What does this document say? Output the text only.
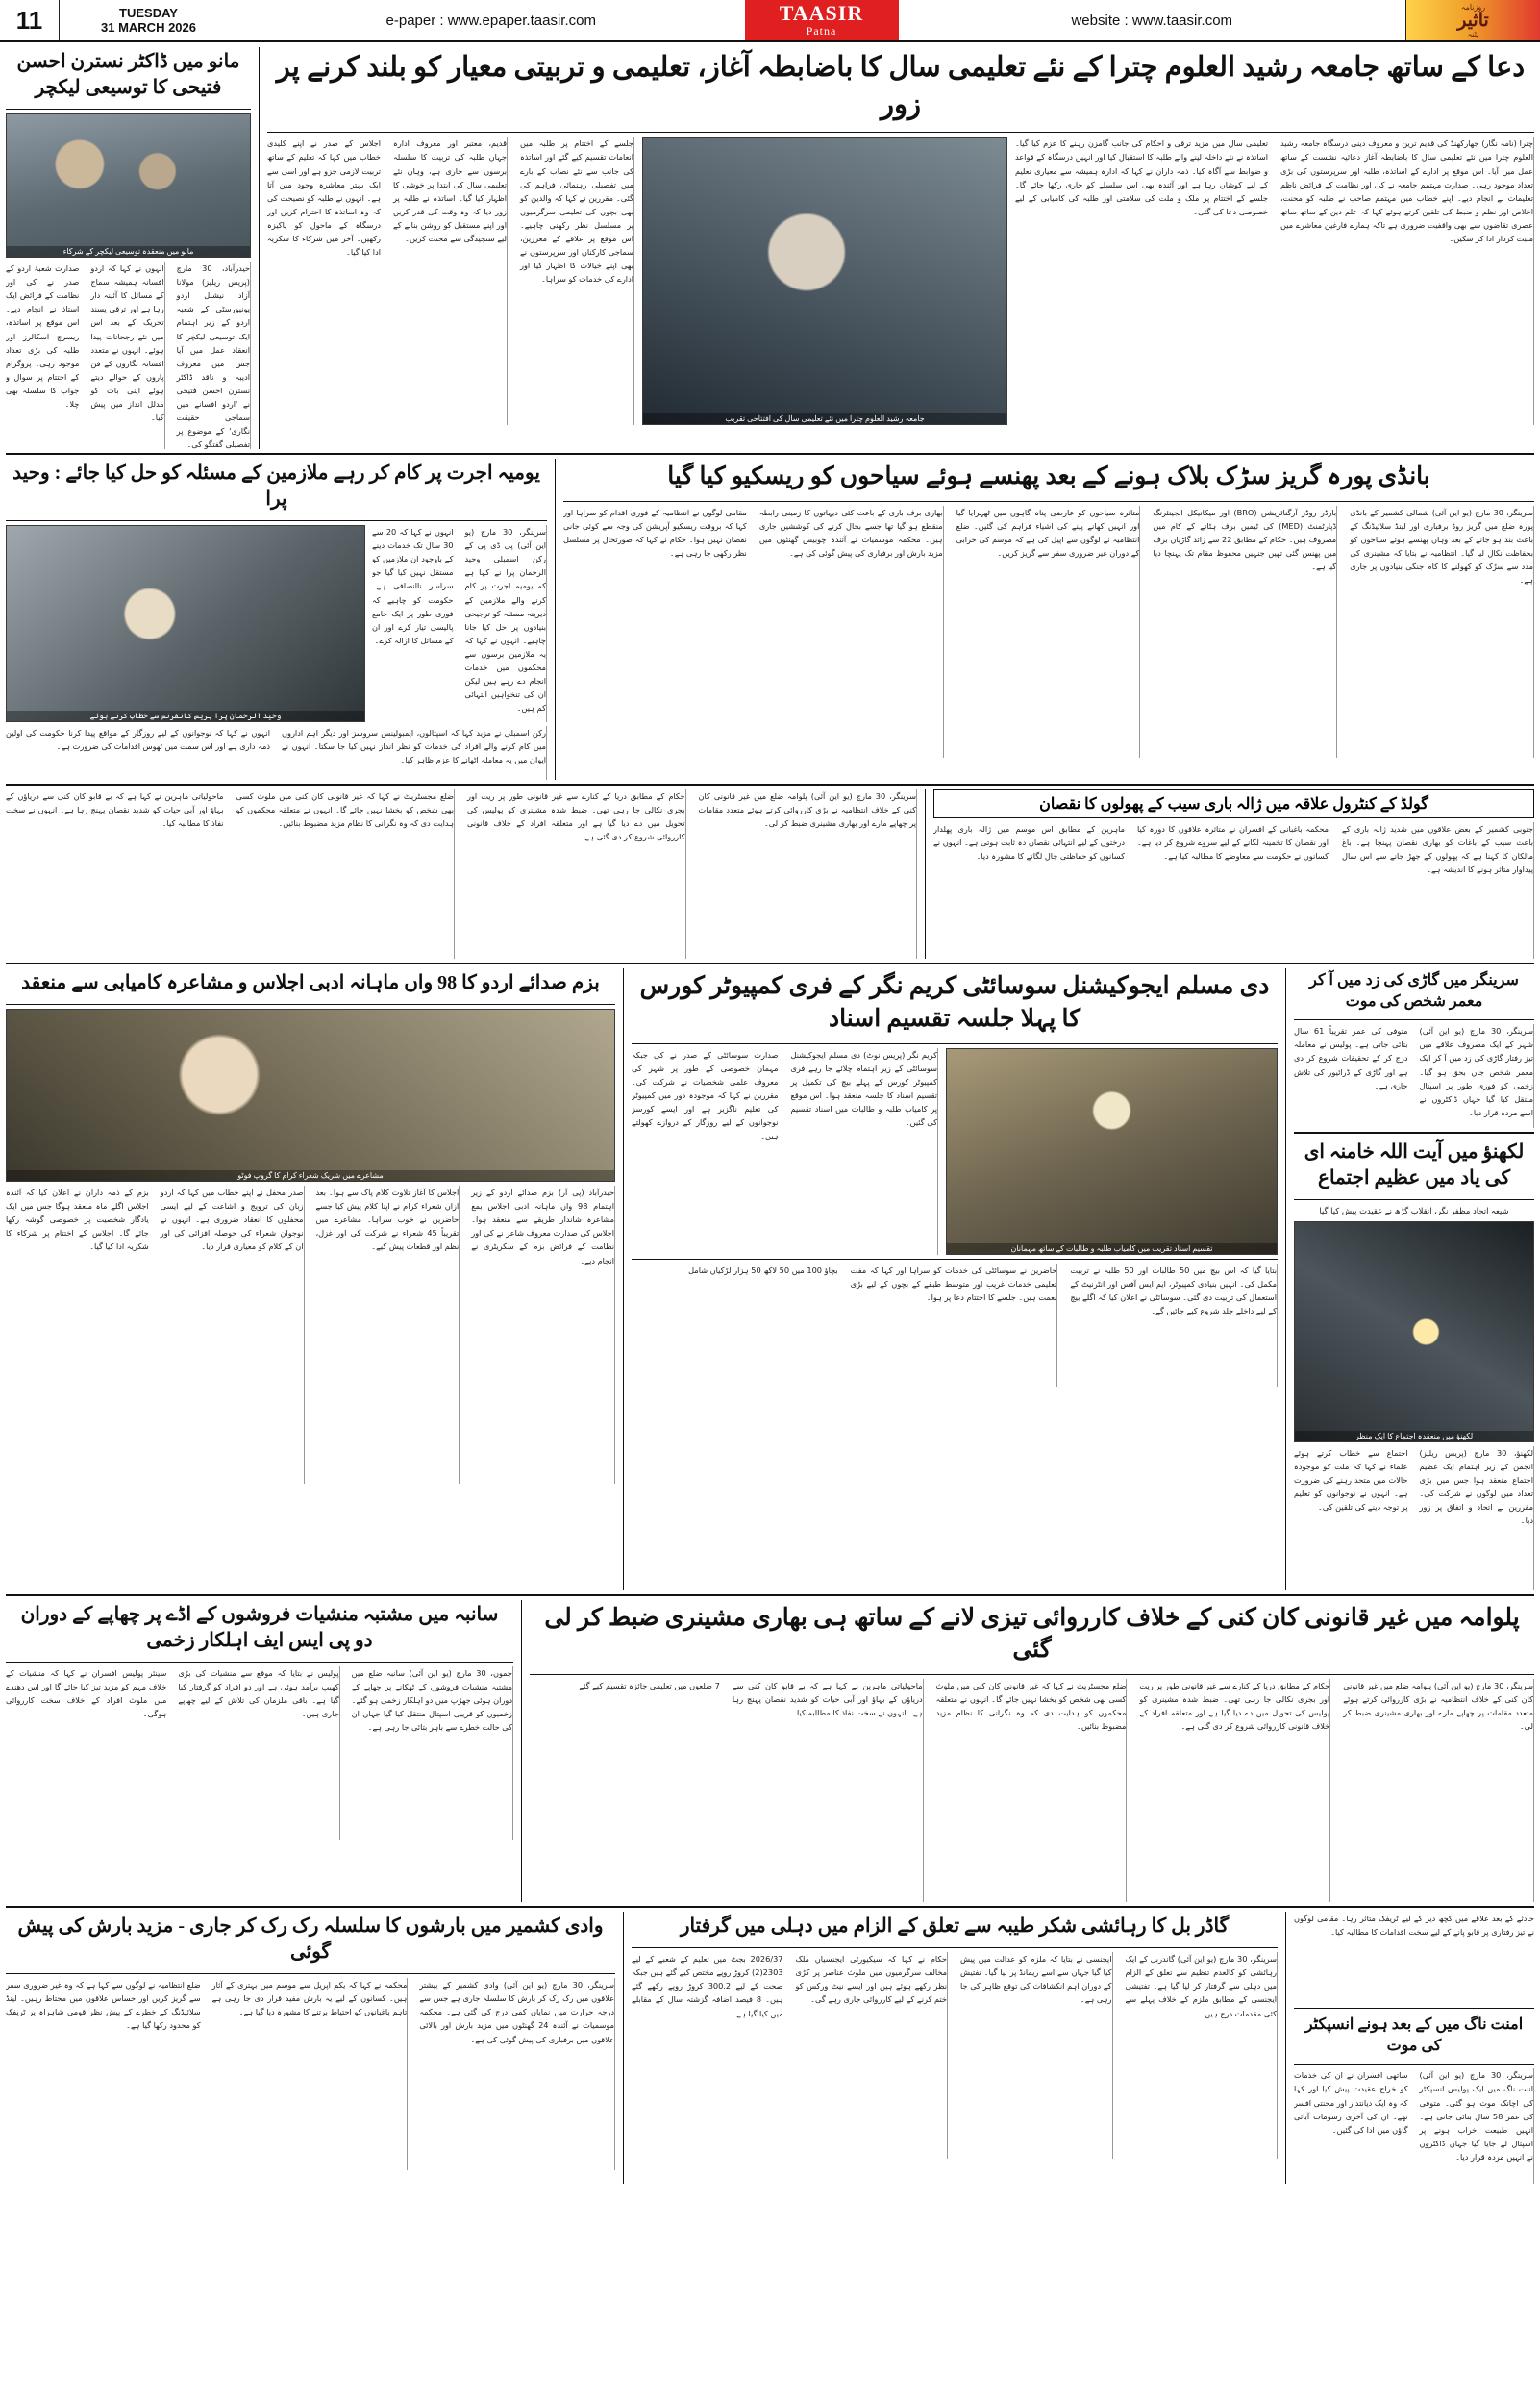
روزنامہ
تاثیر
پٹنہ
website : www.taasir.com
TAASIR
Patna
e-paper : www.epaper.taasir.com
TUESDAY
31 MARCH 2026
11
دعا کے ساتھ جامعہ رشید العلوم چترا کے نئے تعلیمی سال کا باضابطہ آغاز، تعلیمی و تربیتی معیار کو بلند کرنے پر زور
چترا (نامہ نگار) جھارکھنڈ کی قدیم ترین و معروف دینی درسگاہ جامعہ رشید العلوم چترا میں نئے تعلیمی سال کا باضابطہ آغاز دعائیہ نشست کے ساتھ عمل میں آیا۔ اس موقع پر ادارے کے اساتذہ، طلبہ اور سرپرستوں کی بڑی تعداد موجود رہی۔ صدارت مہتمم جامعہ نے کی اور نظامت کے فرائض ناظم تعلیمات نے انجام دیے۔ اپنے خطاب میں مہتمم صاحب نے طلبہ کو محنت، اخلاص اور نظم و ضبط کی تلقین کرتے ہوئے کہا کہ علم دین کے ساتھ ساتھ عصری تقاضوں سے بھی واقفیت ضروری ہے تاکہ ہمارے فارغین معاشرے میں مثبت کردار ادا کر سکیں۔
تعلیمی سال میں مزید ترقی و احکام کی جانب گامزن رہنے کا عزم کیا گیا۔ اساتذہ نے نئے داخلہ لینے والے طلبہ کا استقبال کیا اور انہیں درسگاہ کے قواعد و ضوابط سے آگاہ کیا۔ ذمہ داران نے کہا کہ ادارہ ہمیشہ سے معیاری تعلیم کے لیے کوشاں رہا ہے اور آئندہ بھی اس سلسلے کو جاری رکھا جائے گا۔ جلسے کے اختتام پر ملک و ملت کی سلامتی اور طلبہ کی کامیابی کے لیے خصوصی دعا کی گئی۔
جامعہ رشید العلوم چترا میں نئے تعلیمی سال کی افتتاحی تقریب
جلسے کے اختتام پر طلبہ میں انعامات تقسیم کیے گئے اور اساتذہ کی جانب سے نئے نصاب کے بارے میں تفصیلی رہنمائی فراہم کی گئی۔ مقررین نے کہا کہ والدین کو بھی بچوں کی تعلیمی سرگرمیوں پر مسلسل نظر رکھنی چاہیے۔ اس موقع پر علاقے کے معززین، سماجی کارکنان اور سرپرستوں نے بھی اپنے خیالات کا اظہار کیا اور ادارے کی خدمات کو سراہا۔
قدیم، معتبر اور معروف ادارہ جہاں طلبہ کی تربیت کا سلسلہ برسوں سے جاری ہے، وہاں نئے تعلیمی سال کی ابتدا پر خوشی کا اظہار کیا گیا۔ اساتذہ نے طلبہ پر زور دیا کہ وہ وقت کی قدر کریں اور اپنے مستقبل کو روشن بنانے کے لیے سنجیدگی سے محنت کریں۔
اجلاس کے صدر نے اپنے کلیدی خطاب میں کہا کہ تعلیم کے ساتھ تربیت لازمی جزو ہے اور اسی سے ایک بہتر معاشرہ وجود میں آتا ہے۔ انہوں نے طلبہ کو نصیحت کی کہ وہ اساتذہ کا احترام کریں اور درسگاہ کے ماحول کو پاکیزہ رکھیں۔ آخر میں شرکاء کا شکریہ ادا کیا گیا۔
مانو میں ڈاکٹر نسترن احسن فتیحی کا توسیعی لیکچر
مانو میں منعقدہ توسیعی لیکچر کے شرکاء
حیدرآباد، 30 مارچ (پریس ریلیز) مولانا آزاد نیشنل اردو یونیورسٹی کے شعبہ اردو کے زیر اہتمام ایک توسیعی لیکچر کا انعقاد عمل میں آیا جس میں معروف ادیبہ و ناقد ڈاکٹر نسترن احسن فتیحی نے 'اردو افسانے میں سماجی حقیقت نگاری' کے موضوع پر تفصیلی گفتگو کی۔
انہوں نے کہا کہ اردو افسانہ ہمیشہ سماج کے مسائل کا آئینہ دار رہا ہے اور ترقی پسند تحریک کے بعد اس میں نئے رجحانات پیدا ہوئے۔ انہوں نے متعدد افسانہ نگاروں کے فن پاروں کے حوالے دیتے ہوئے اپنی بات کو مدلل انداز میں پیش کیا۔
صدارت شعبۂ اردو کے صدر نے کی اور نظامت کے فرائض ایک استاذ نے انجام دیے۔ اس موقع پر اساتذہ، ریسرچ اسکالرز اور طلبہ کی بڑی تعداد موجود رہی۔ پروگرام کے اختتام پر سوال و جواب کا سلسلہ بھی چلا۔
بانڈی پورہ گریز سڑک بلاک ہونے کے بعد پھنسے ہوئے سیاحوں کو ریسکیو کیا گیا
سرینگر، 30 مارچ (یو این آئی) شمالی کشمیر کے بانڈی پورہ ضلع میں گریز روڈ برفباری اور لینڈ سلائیڈنگ کے باعث بند ہو جانے کے بعد وہاں پھنسے ہوئے سیاحوں کو بحفاظت نکال لیا گیا۔ انتظامیہ نے بتایا کہ مشینری کی مدد سے سڑک کو کھولنے کا کام جنگی بنیادوں پر جاری ہے۔
بارڈر روڈز آرگنائزیشن (BRO) اور میکانیکل انجینئرنگ ڈپارٹمنٹ (MED) کی ٹیمیں برف ہٹانے کے کام میں مصروف ہیں۔ حکام کے مطابق 22 سے زائد گاڑیاں برف میں پھنس گئی تھیں جنہیں محفوظ مقام تک پہنچا دیا گیا ہے۔
متاثرہ سیاحوں کو عارضی پناہ گاہوں میں ٹھہرایا گیا اور انہیں کھانے پینے کی اشیاء فراہم کی گئیں۔ ضلع انتظامیہ نے لوگوں سے اپیل کی ہے کہ موسم کی خرابی کے دوران غیر ضروری سفر سے گریز کریں۔
بھاری برف باری کے باعث کئی دیہاتوں کا زمینی رابطہ منقطع ہو گیا تھا جسے بحال کرنے کی کوششیں جاری ہیں۔ محکمہ موسمیات نے آئندہ چوبیس گھنٹوں میں مزید بارش اور برفباری کی پیش گوئی کی ہے۔
مقامی لوگوں نے انتظامیہ کے فوری اقدام کو سراہا اور کہا کہ بروقت ریسکیو آپریشن کی وجہ سے کوئی جانی نقصان نہیں ہوا۔ حکام نے کہا کہ صورتحال پر مسلسل نظر رکھی جا رہی ہے۔
یومیہ اجرت پر کام کر رہے ملازمین کے مسئلہ کو حل کیا جائے : وحید پرا
سرینگر، 30 مارچ (یو این آئی) پی ڈی پی کے رکن اسمبلی وحید الرحمان پرا نے کہا ہے کہ یومیہ اجرت پر کام کرنے والے ملازمین کے دیرینہ مسئلہ کو ترجیحی بنیادوں پر حل کیا جانا چاہیے۔ انہوں نے کہا کہ یہ ملازمین برسوں سے محکموں میں خدمات انجام دے رہے ہیں لیکن ان کی تنخواہیں انتہائی کم ہیں۔
انہوں نے کہا کہ 20 سے 30 سال تک خدمات دینے کے باوجود ان ملازمین کو مستقل نہیں کیا گیا جو سراسر ناانصافی ہے۔ حکومت کو چاہیے کہ فوری طور پر ایک جامع پالیسی تیار کرے اور ان کے مسائل کا ازالہ کرے۔
وحید الرحمان پرا پریس کانفرنس سے خطاب کرتے ہوئے
رکن اسمبلی نے مزید کہا کہ اسپتالوں، ایمبولینس سروسز اور دیگر اہم اداروں میں کام کرنے والے افراد کی خدمات کو نظر انداز نہیں کیا جا سکتا۔ انہوں نے ایوان میں یہ معاملہ اٹھانے کا عزم ظاہر کیا۔
انہوں نے کہا کہ نوجوانوں کے لیے روزگار کے مواقع پیدا کرنا حکومت کی اولین ذمہ داری ہے اور اس سمت میں ٹھوس اقدامات کی ضرورت ہے۔
گولڈ کے کنٹرول علاقہ میں ژالہ باری سیب کے پھولوں کا نقصان
جنوبی کشمیر کے بعض علاقوں میں شدید ژالہ باری کے باعث سیب کے باغات کو بھاری نقصان پہنچا ہے۔ باغ مالکان کا کہنا ہے کہ پھولوں کے جھڑ جانے سے اس سال پیداوار متاثر ہونے کا اندیشہ ہے۔
محکمہ باغبانی کے افسران نے متاثرہ علاقوں کا دورہ کیا اور نقصان کا تخمینہ لگانے کے لیے سروے شروع کر دیا ہے۔ کسانوں نے حکومت سے معاوضے کا مطالبہ کیا ہے۔
ماہرین کے مطابق اس موسم میں ژالہ باری پھلدار درختوں کے لیے انتہائی نقصان دہ ثابت ہوتی ہے۔ انہوں نے کسانوں کو حفاظتی جال لگانے کا مشورہ دیا۔
سرینگر، 30 مارچ (یو این آئی) پلوامہ ضلع میں غیر قانونی کان کنی کے خلاف انتظامیہ نے بڑی کارروائی کرتے ہوئے متعدد مقامات پر چھاپے مارے اور بھاری مشینری ضبط کر لی۔
حکام کے مطابق دریا کے کنارے سے غیر قانونی طور پر ریت اور بجری نکالی جا رہی تھی۔ ضبط شدہ مشینری کو پولیس کی تحویل میں دے دیا گیا ہے اور متعلقہ افراد کے خلاف قانونی کارروائی شروع کر دی گئی ہے۔
ضلع مجسٹریٹ نے کہا کہ غیر قانونی کان کنی میں ملوث کسی بھی شخص کو بخشا نہیں جائے گا۔ انہوں نے متعلقہ محکموں کو ہدایت دی کہ وہ نگرانی کا نظام مزید مضبوط بنائیں۔
ماحولیاتی ماہرین نے کہا ہے کہ بے قابو کان کنی سے دریاؤں کے بہاؤ اور آبی حیات کو شدید نقصان پہنچ رہا ہے۔ انہوں نے سخت نفاذ کا مطالبہ کیا۔
سرینگر میں گاڑی کی زد میں آ کر معمر شخص کی موت
سرینگر، 30 مارچ (یو این آئی) شہر کے ایک مصروف علاقے میں تیز رفتار گاڑی کی زد میں آ کر ایک معمر شخص جاں بحق ہو گیا۔ زخمی کو فوری طور پر اسپتال منتقل کیا گیا جہاں ڈاکٹروں نے اسے مردہ قرار دیا۔
متوفی کی عمر تقریباً 61 سال بتائی جاتی ہے۔ پولیس نے معاملہ درج کر کے تحقیقات شروع کر دی ہے اور گاڑی کے ڈرائیور کی تلاش جاری ہے۔
لکھنؤ میں آیت اللہ خامنہ ای کی یاد میں عظیم اجتماع
شیعہ اتحاد مظفر نگر، انقلاب گڑھ نے عقیدت پیش کیا گیا
لکھنؤ میں منعقدہ اجتماع کا ایک منظر
لکھنؤ، 30 مارچ (پریس ریلیز) انجمن کے زیر اہتمام ایک عظیم اجتماع منعقد ہوا جس میں بڑی تعداد میں لوگوں نے شرکت کی۔ مقررین نے اتحاد و اتفاق پر زور دیا۔
اجتماع سے خطاب کرتے ہوئے علماء نے کہا کہ ملت کو موجودہ حالات میں متحد رہنے کی ضرورت ہے۔ انہوں نے نوجوانوں کو تعلیم پر توجہ دینے کی تلقین کی۔
دی مسلم ایجوکیشنل سوسائٹی کریم نگر کے فری کمپیوٹر کورس کا پہلا جلسہ تقسیم اسناد
تقسیم اسناد تقریب میں کامیاب طلبہ و طالبات کے ساتھ مہمانان
کریم نگر (پریس نوٹ) دی مسلم ایجوکیشنل سوسائٹی کے زیر اہتمام چلائے جا رہے فری کمپیوٹر کورس کے پہلے بیچ کی تکمیل پر تقسیم اسناد کا جلسہ منعقد ہوا۔ اس موقع پر کامیاب طلبہ و طالبات میں اسناد تقسیم کی گئیں۔
صدارت سوسائٹی کے صدر نے کی جبکہ مہمان خصوصی کے طور پر شہر کی معروف علمی شخصیات نے شرکت کی۔ مقررین نے کہا کہ موجودہ دور میں کمپیوٹر کی تعلیم ناگزیر ہے اور ایسے کورسز نوجوانوں کے لیے روزگار کے دروازے کھولتے ہیں۔
بتایا گیا کہ اس بیچ میں 50 طالبات اور 50 طلبہ نے تربیت مکمل کی۔ انہیں بنیادی کمپیوٹر، ایم ایس آفس اور انٹرنیٹ کے استعمال کی تربیت دی گئی۔ سوسائٹی نے اعلان کیا کہ اگلے بیچ کے لیے داخلے جلد شروع کیے جائیں گے۔
حاضرین نے سوسائٹی کی خدمات کو سراہا اور کہا کہ مفت تعلیمی خدمات غریب اور متوسط طبقے کے بچوں کے لیے بڑی نعمت ہیں۔ جلسے کا اختتام دعا پر ہوا۔
بچاؤ 100 میں 50 لاکھ 50 ہزار لڑکیاں شامل
بزم صدائے اردو کا 98 واں ماہانہ ادبی اجلاس و مشاعرہ کامیابی سے منعقد
مشاعرے میں شریک شعراء کرام کا گروپ فوٹو
حیدرآباد (پی آر) بزم صدائے اردو کے زیر اہتمام 98 واں ماہانہ ادبی اجلاس بمع مشاعرہ شاندار طریقے سے منعقد ہوا۔ اجلاس کی صدارت معروف شاعر نے کی اور نظامت کے فرائض بزم کے سکریٹری نے انجام دیے۔
اجلاس کا آغاز تلاوت کلام پاک سے ہوا۔ بعد ازاں شعراء کرام نے اپنا کلام پیش کیا جسے حاضرین نے خوب سراہا۔ مشاعرے میں تقریباً 45 شعراء نے شرکت کی اور غزل، نظم اور قطعات پیش کیے۔
صدر محفل نے اپنے خطاب میں کہا کہ اردو زبان کی ترویج و اشاعت کے لیے ایسی محفلوں کا انعقاد ضروری ہے۔ انہوں نے نوجوان شعراء کی حوصلہ افزائی کی اور ان کے کلام کو معیاری قرار دیا۔
بزم کے ذمہ داران نے اعلان کیا کہ آئندہ اجلاس اگلے ماہ منعقد ہوگا جس میں ایک یادگار شخصیت پر خصوصی گوشہ رکھا جائے گا۔ اجلاس کے اختتام پر شرکاء کا شکریہ ادا کیا گیا۔
پلوامہ میں غیر قانونی کان کنی کے خلاف کارروائی تیزی لانے کے ساتھ ہی بھاری مشینری ضبط کر لی گئی
سرینگر، 30 مارچ (یو این آئی) پلوامہ ضلع میں غیر قانونی کان کنی کے خلاف انتظامیہ نے بڑی کارروائی کرتے ہوئے متعدد مقامات پر چھاپے مارے اور بھاری مشینری ضبط کر لی۔
حکام کے مطابق دریا کے کنارے سے غیر قانونی طور پر ریت اور بجری نکالی جا رہی تھی۔ ضبط شدہ مشینری کو پولیس کی تحویل میں دے دیا گیا ہے اور متعلقہ افراد کے خلاف قانونی کارروائی شروع کر دی گئی ہے۔
ضلع مجسٹریٹ نے کہا کہ غیر قانونی کان کنی میں ملوث کسی بھی شخص کو بخشا نہیں جائے گا۔ انہوں نے متعلقہ محکموں کو ہدایت دی کہ وہ نگرانی کا نظام مزید مضبوط بنائیں۔
ماحولیاتی ماہرین نے کہا ہے کہ بے قابو کان کنی سے دریاؤں کے بہاؤ اور آبی حیات کو شدید نقصان پہنچ رہا ہے۔ انہوں نے سخت نفاذ کا مطالبہ کیا۔
7 ضلعوں میں تعلیمی جائزہ تقسیم کیے گئے
سانبہ میں مشتبہ منشیات فروشوں کے اڈے پر چھاپے کے دوران دو پی ایس ایف اہلکار زخمی
جموں، 30 مارچ (یو این آئی) سانبہ ضلع میں مشتبہ منشیات فروشوں کے ٹھکانے پر چھاپے کے دوران ہوئی جھڑپ میں دو اہلکار زخمی ہو گئے۔ زخمیوں کو قریبی اسپتال منتقل کیا گیا جہاں ان کی حالت خطرے سے باہر بتائی جا رہی ہے۔
پولیس نے بتایا کہ موقع سے منشیات کی بڑی کھیپ برآمد ہوئی ہے اور دو افراد کو گرفتار کیا گیا ہے۔ باقی ملزمان کی تلاش کے لیے چھاپے جاری ہیں۔
سینئر پولیس افسران نے کہا کہ منشیات کے خلاف مہم کو مزید تیز کیا جائے گا اور اس دھندے میں ملوث افراد کے خلاف سخت کارروائی ہوگی۔
حادثے کے بعد علاقے میں کچھ دیر کے لیے ٹریفک متاثر رہا۔ مقامی لوگوں نے تیز رفتاری پر قابو پانے کے لیے سخت اقدامات کا مطالبہ کیا۔
امنت ناگ میں کے بعد ہونے انسپکٹر کی موت
سرینگر، 30 مارچ (یو این آئی) اننت ناگ میں ایک پولیس انسپکٹر کی اچانک موت ہو گئی۔ متوفی کی عمر 58 سال بتائی جاتی ہے۔ انہیں طبیعت خراب ہونے پر اسپتال لے جایا گیا جہاں ڈاکٹروں نے انہیں مردہ قرار دیا۔
ساتھی افسران نے ان کی خدمات کو خراج عقیدت پیش کیا اور کہا کہ وہ ایک دیانتدار اور محنتی افسر تھے۔ ان کی آخری رسومات آبائی گاؤں میں ادا کی گئیں۔
گاڈر بل کا رہائشی شکر طیبہ سے تعلق کے الزام میں دہلی میں گرفتار
سرینگر، 30 مارچ (یو این آئی) گاندربل کے ایک رہائشی کو کالعدم تنظیم سے تعلق کے الزام میں دہلی سے گرفتار کر لیا گیا ہے۔ تفتیشی ایجنسی کے مطابق ملزم کے خلاف پہلے سے کئی مقدمات درج ہیں۔
ایجنسی نے بتایا کہ ملزم کو عدالت میں پیش کیا گیا جہاں سے اسے ریمانڈ پر لیا گیا۔ تفتیش کے دوران اہم انکشافات کی توقع ظاہر کی جا رہی ہے۔
حکام نے کہا کہ سیکیورٹی ایجنسیاں ملک مخالف سرگرمیوں میں ملوث عناصر پر کڑی نظر رکھے ہوئے ہیں اور ایسے نیٹ ورکس کو ختم کرنے کے لیے کارروائی جاری رہے گی۔
2026/37 بجٹ میں تعلیم کے شعبے کے لیے 2303(2) کروڑ روپے مختص کیے گئے ہیں جبکہ صحت کے لیے 300.2 کروڑ روپے رکھے گئے ہیں۔ 8 فیصد اضافہ گزشتہ سال کے مقابلے میں کیا گیا ہے۔
وادی کشمیر میں بارشوں کا سلسلہ رک رک کر جاری - مزید بارش کی پیش گوئی
سرینگر، 30 مارچ (یو این آئی) وادی کشمیر کے بیشتر علاقوں میں رک رک کر بارش کا سلسلہ جاری ہے جس سے درجہ حرارت میں نمایاں کمی درج کی گئی ہے۔ محکمہ موسمیات نے آئندہ 24 گھنٹوں میں مزید بارش اور بالائی علاقوں میں برفباری کی پیش گوئی کی ہے۔
محکمہ نے کہا کہ یکم اپریل سے موسم میں بہتری کے آثار ہیں۔ کسانوں کے لیے یہ بارش مفید قرار دی جا رہی ہے تاہم باغبانوں کو احتیاط برتنے کا مشورہ دیا گیا ہے۔
ضلع انتظامیہ نے لوگوں سے کہا ہے کہ وہ غیر ضروری سفر سے گریز کریں اور حساس علاقوں میں محتاط رہیں۔ لینڈ سلائیڈنگ کے خطرے کے پیش نظر قومی شاہراہ پر ٹریفک کو محدود رکھا گیا ہے۔
